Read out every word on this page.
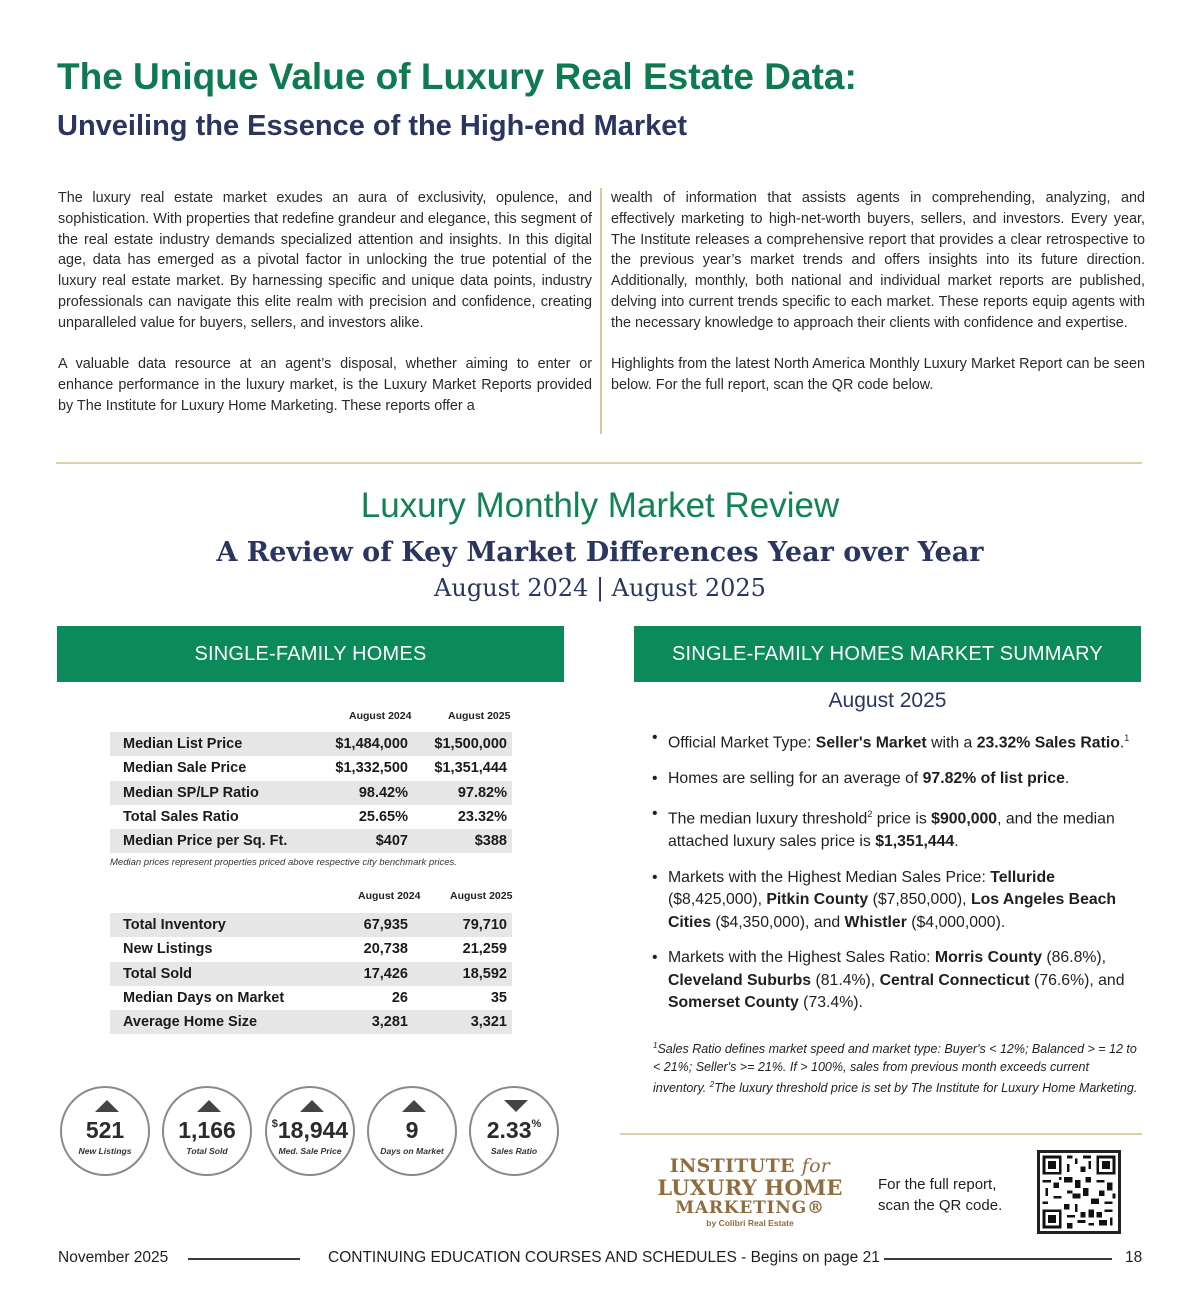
The Unique Value of Luxury Real Estate Data:
Unveiling the Essence of the High-end Market

The luxury real estate market exudes an aura of exclusivity, opulence, and sophistication. With properties that redefine grandeur and elegance, this segment of the real estate industry demands specialized attention and insights. In this digital age, data has emerged as a pivotal factor in unlocking the true potential of the luxury real estate market. By harnessing specific and unique data points, industry professionals can navigate this elite realm with precision and confidence, creating unparalleled value for buyers, sellers, and investors alike.

A valuable data resource at an agent’s disposal, whether aiming to enter or enhance performance in the luxury market, is the Luxury Market Reports provided by The Institute for Luxury Home Marketing. These reports offer a

wealth of information that assists agents in comprehending, analyzing, and effectively marketing to high-net-worth buyers, sellers, and investors. Every year, The Institute releases a comprehensive report that provides a clear retrospective to the previous year’s market trends and offers insights into its future direction. Additionally, monthly, both national and individual market reports are published, delving into current trends specific to each market. These reports equip agents with the necessary knowledge to approach their clients with confidence and expertise.

Highlights from the latest North America Monthly Luxury Market Report can be seen below. For the full report, scan the QR code below.

Luxury Monthly Market Review
A Review of Key Market Differences Year over Year
August 2024 | August 2025
SINGLE-FAMILY HOMES
August 2024	August 2025
Median List Price	$1,484,000 $1,500,000
Median Sale Price	$1,332,500 $1,351,444
Median SP/LP Ratio	98.42%	97.82%
Total Sales Ratio	25.65%	23.32%
Median Price per Sq. Ft.	$407	$388
Median prices represent properties priced above respective city benchmark prices.
August 2024	August 2025
Total Inventory	67,935	79,710
New Listings	20,738	21,259
Total Sold	17,426	18,592
Median Days on Market	26	35
Average Home Size	3,281	3,321
521
New Listings
1,166
Total Sold
$18,944
Med. Sale Price
9
Days on Market
2.33%
Sales Ratio
SINGLE-FAMILY HOMES MARKET SUMMARY
August 2025
• Official Market Type: Seller's Market with a 23.32% Sales Ratio.$^1$
• Homes are selling for an average of 97.82% of list price.
• The median luxury threshold$^2$ price is $900,000, and the median attached luxury sales price is $1,351,444.
• Markets with the Highest Median Sales Price: Telluride ($8,425,000), Pitkin County ($7,850,000), Los Angeles Beach Cities ($4,350,000), and Whistler ($4,000,000).
• Markets with the Highest Sales Ratio: Morris County (86.8%), Cleveland Suburbs (81.4%), Central Connecticut (76.6%), and Somerset County (73.4%).
$^1$Sales Ratio defines market speed and market type: Buyer's < 12%; Balanced > = 12 to < 21%; Seller's >= 21%. If > 100%, sales from previous month exceeds current inventory. $^2$The luxury threshold price is set by The Institute for Luxury Home Marketing.
INSTITUTE for
LUXURY HOME
MARKETING®
by Colibri Real Estate
For the full report,
scan the QR code.
November 2025	CONTINUING EDUCATION COURSES AND SCHEDULES - Begins on page 21	18
